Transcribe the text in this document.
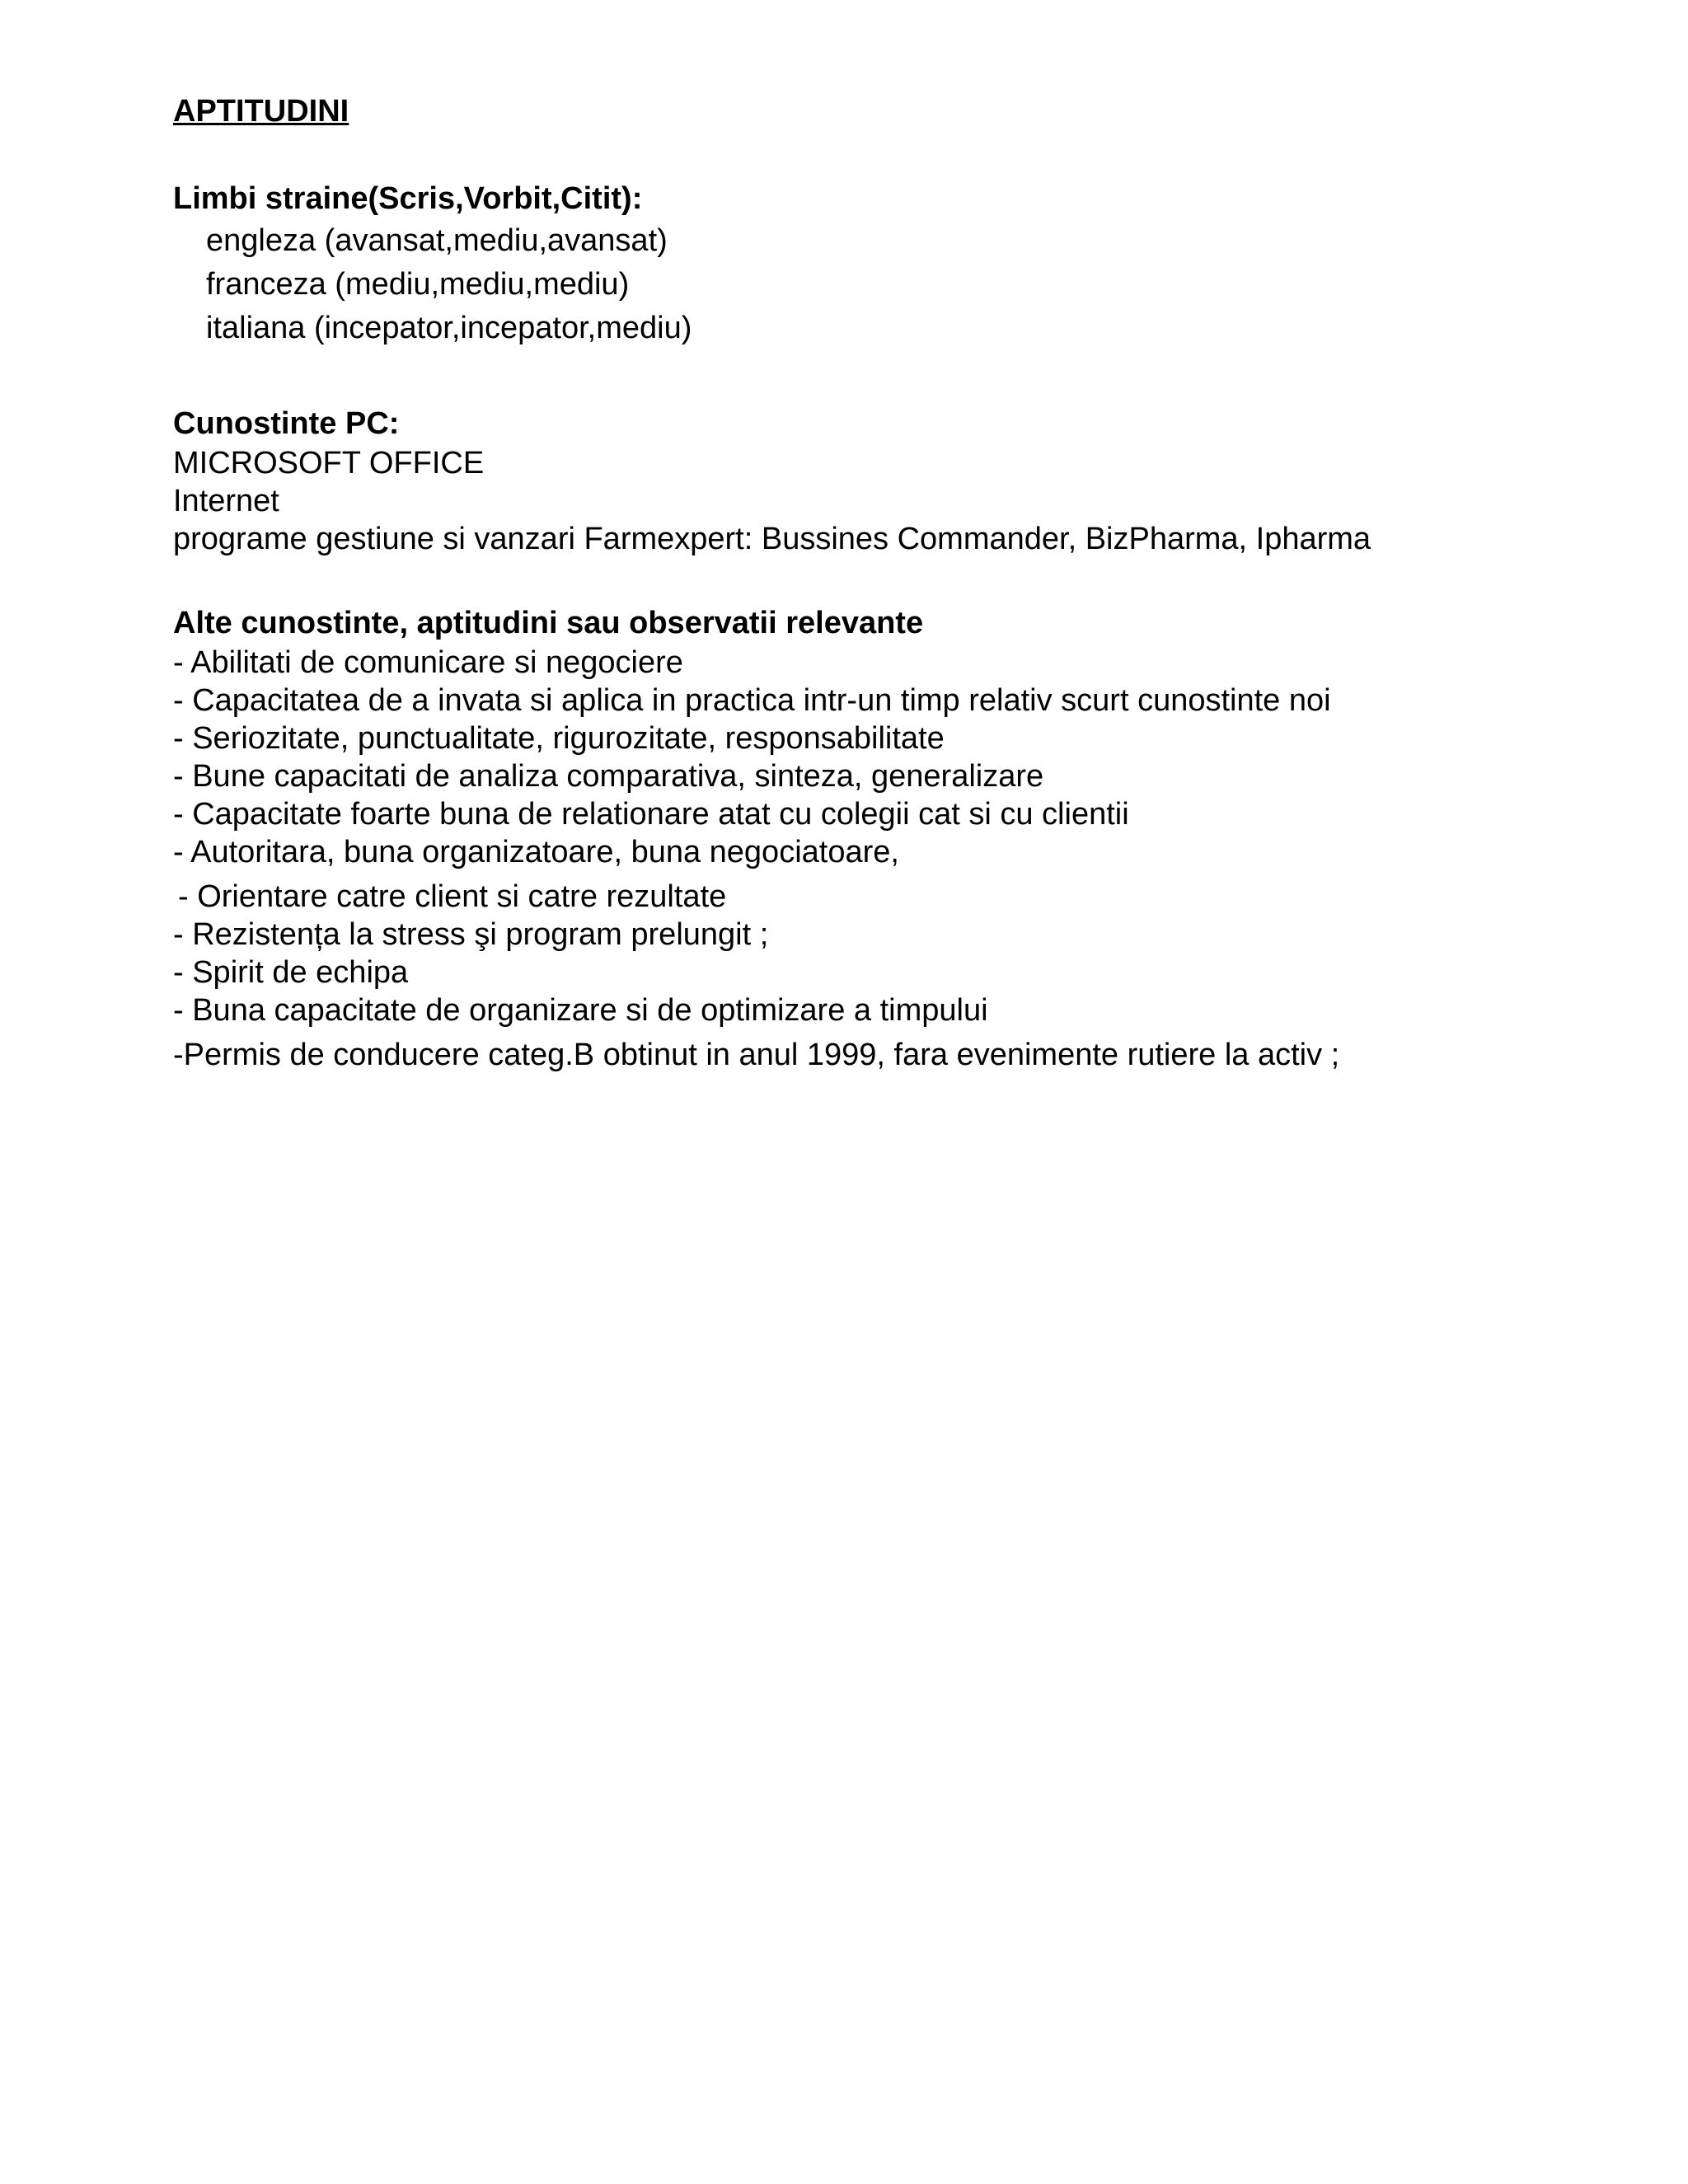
APTITUDINI

Limbi straine(Scris,Vorbit,Citit):

engleza (avansat,mediu,avansat)

franceza (mediu,mediu,mediu)

italiana (incepator,incepator,mediu)

Cunostinte PC:

MICROSOFT OFFICE

Internet

programe gestiune si vanzari Farmexpert: Bussines Commander, BizPharma, Ipharma

Alte cunostinte, aptitudini sau observatii relevante

- Abilitati de comunicare si negociere
- Capacitatea de a invata si aplica in practica intr-un timp relativ scurt cunostinte noi
- Seriozitate, punctualitate, rigurozitate, responsabilitate
- Bune capacitati de analiza comparativa, sinteza, generalizare
- Capacitate foarte buna de relationare atat cu colegii cat si cu clientii
- Autoritara, buna organizatoare, buna negociatoare,
- Orientare catre client si catre rezultate
- Rezistența la stress şi program prelungit ;
- Spirit de echipa
- Buna capacitate de organizare si de optimizare a timpului
-Permis de conducere categ.B obtinut in anul 1999, fara evenimente rutiere la activ ;
